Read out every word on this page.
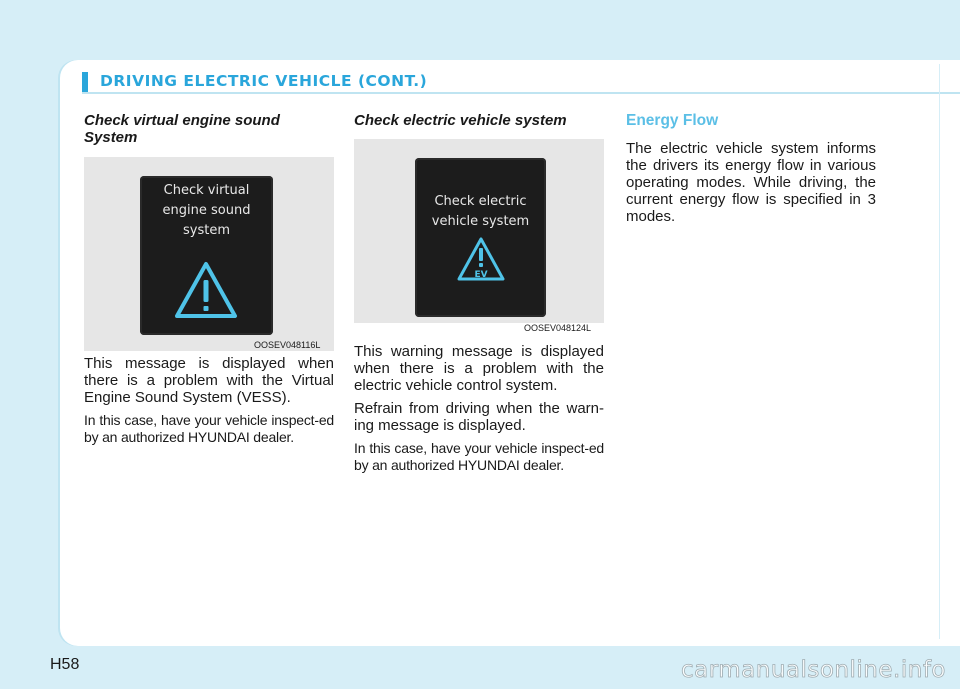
DRIVING ELECTRIC VEHICLE (CONT.)
Check virtual engine sound System
Check virtual
engine sound
system
OOSEV048116L

This message is displayed when there is a problem with the Virtual Engine Sound System (VESS).

In this case, have your vehicle inspect-ed by an authorized HYUNDAI dealer.

Check electric vehicle system
Check electric
vehicle system
EV
OOSEV048124L

This warning message is displayed when there is a problem with the electric vehicle control system.

Refrain from driving when the warn-ing message is displayed.

In this case, have your vehicle inspect-ed by an authorized HYUNDAI dealer.

Energy Flow

The electric vehicle system informs the drivers its energy flow in various operating modes. While driving, the current energy flow is specified in 3 modes.

H58	carmanualsonline.info
